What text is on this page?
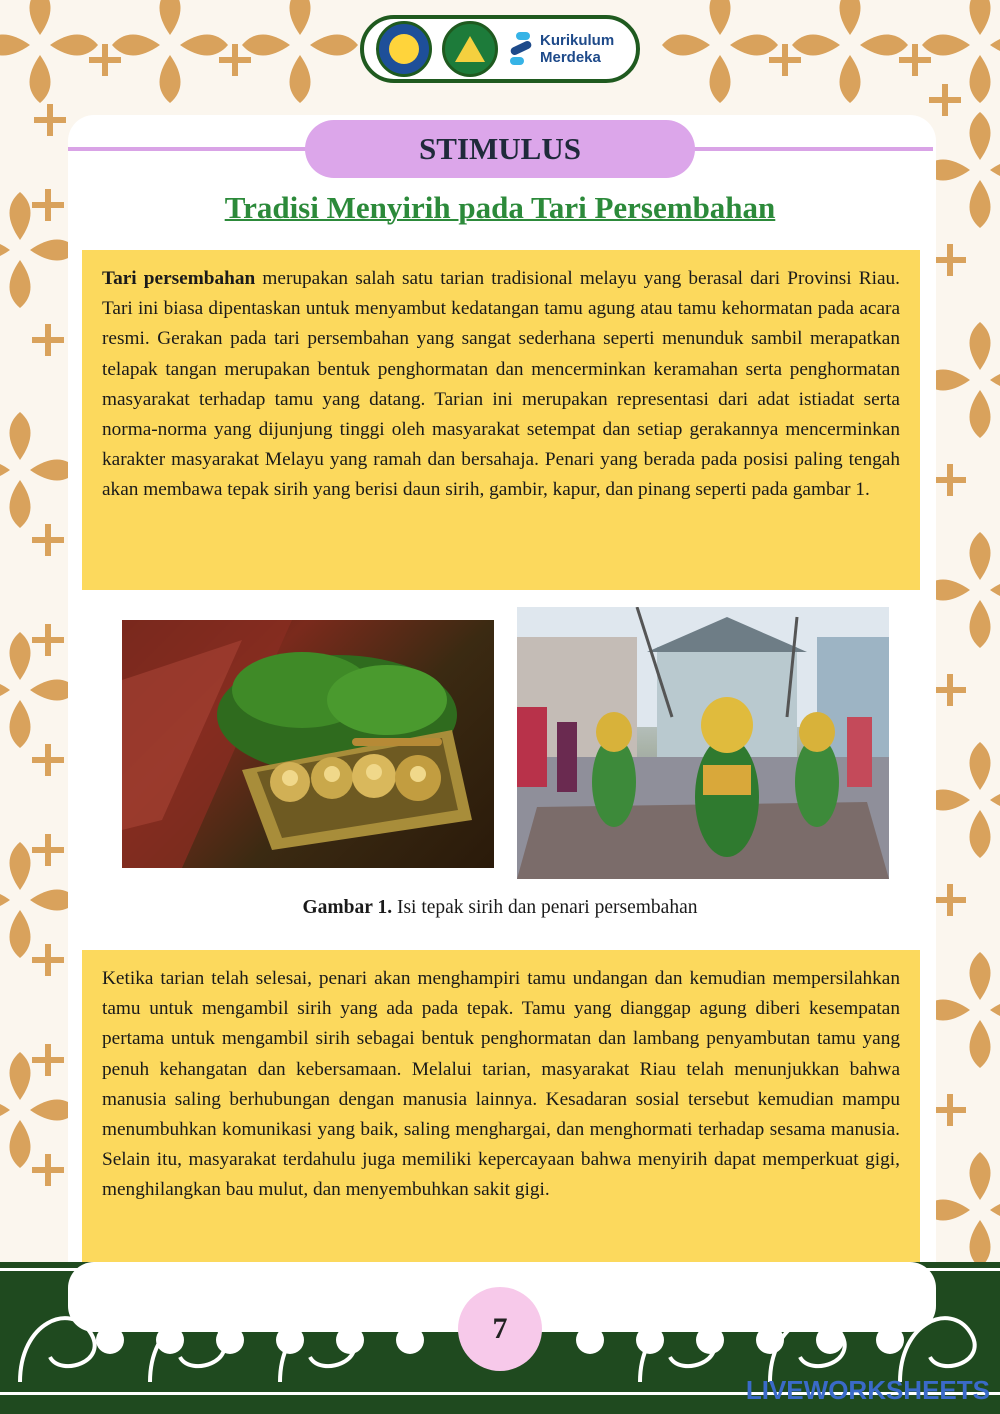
Kurikulum
Merdeka
STIMULUS
Tradisi Menyirih pada Tari Persembahan
Tari persembahan merupakan salah satu tarian tradisional melayu yang berasal dari Provinsi Riau. Tari ini biasa dipentaskan untuk menyambut kedatangan tamu agung atau tamu kehormatan pada acara resmi. Gerakan pada tari persembahan yang sangat sederhana seperti menunduk sambil merapatkan telapak tangan merupakan bentuk penghormatan dan mencerminkan keramahan serta penghormatan masyarakat terhadap tamu yang datang. Tarian ini merupakan representasi dari adat istiadat serta norma-norma yang dijunjung tinggi oleh masyarakat setempat dan setiap gerakannya mencerminkan karakter masyarakat Melayu yang ramah dan bersahaja. Penari yang berada pada posisi paling tengah akan membawa tepak sirih yang berisi daun sirih, gambir, kapur, dan pinang seperti pada gambar 1.
Gambar 1. Isi tepak sirih dan penari persembahan
Ketika tarian telah selesai, penari akan menghampiri tamu undangan dan kemudian mempersilahkan tamu untuk mengambil sirih yang ada pada tepak. Tamu yang dianggap agung diberi kesempatan pertama untuk mengambil sirih sebagai bentuk penghormatan dan lambang penyambutan tamu yang penuh kehangatan dan kebersamaan. Melalui tarian, masyarakat Riau telah menunjukkan bahwa manusia saling berhubungan dengan manusia lainnya. Kesadaran sosial tersebut kemudian mampu menumbuhkan komunikasi yang baik, saling menghargai, dan menghormati terhadap sesama manusia. Selain itu, masyarakat terdahulu juga memiliki kepercayaan bahwa menyirih dapat memperkuat gigi, menghilangkan bau mulut, dan menyembuhkan sakit gigi.
7
LIVEWORKSHEETS
